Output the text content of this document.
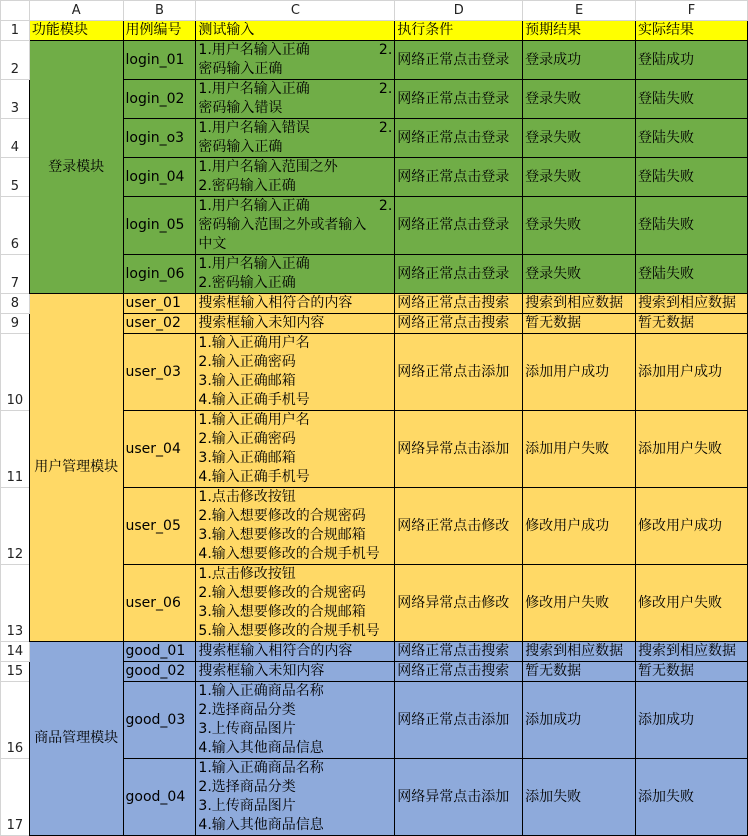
	A	B	C	D	E	F
1	功能模块	用例编号	测试输入	执行条件	预期结果	实际结果
2	登录模块	login_01	1.用户名输入正确 2.
密码输入正确	网络正常点击登录	登录成功	登陆成功
3		login_02	1.用户名输入正确 2.
密码输入错误	网络正常点击登录	登录失败	登陆失败
4		login_o3	1.用户名输入错误 2.
密码输入正确	网络正常点击登录	登录失败	登陆失败
5		login_04	1.用户名输入范围之外
2.密码输入正确	网络正常点击登录	登录失败	登陆失败
6		login_05	1.用户名输入正确 2.
密码输入范围之外或者输入
中文	网络正常点击登录	登录失败	登陆失败
7		login_06	1.用户名输入正确
2.密码输入正确	网络正常点击登录	登录失败	登陆失败
8	用户管理模块	user_01	搜索框输入相符合的内容	网络正常点击搜索	搜索到相应数据	搜索到相应数据
9		user_02	搜索框输入未知内容	网络正常点击搜索	暂无数据	暂无数据
10		user_03	1.输入正确用户名
2.输入正确密码
3.输入正确邮箱
4.输入正确手机号	网络正常点击添加	添加用户成功	添加用户成功
11		user_04	1.输入正确用户名
2.输入正确密码
3.输入正确邮箱
4.输入正确手机号	网络异常点击添加	添加用户失败	添加用户失败
12		user_05	1.点击修改按钮
2.输入想要修改的合规密码
3.输入想要修改的合规邮箱
4.输入想要修改的合规手机号	网络正常点击修改	修改用户成功	修改用户成功
13		user_06	1.点击修改按钮
2.输入想要修改的合规密码
3.输入想要修改的合规邮箱
5.输入想要修改的合规手机号	网络异常点击修改	修改用户失败	修改用户失败
14	商品管理模块	good_01	搜索框输入相符合的内容	网络正常点击搜索	搜索到相应数据	搜索到相应数据
15		good_02	搜索框输入未知内容	网络正常点击搜索	暂无数据	暂无数据
16		good_03	1.输入正确商品名称
2.选择商品分类
3.上传商品图片
4.输入其他商品信息	网络正常点击添加	添加成功	添加成功
17		good_04	1.输入正确商品名称
2.选择商品分类
3.上传商品图片
4.输入其他商品信息	网络异常点击添加	添加失败	添加失败
